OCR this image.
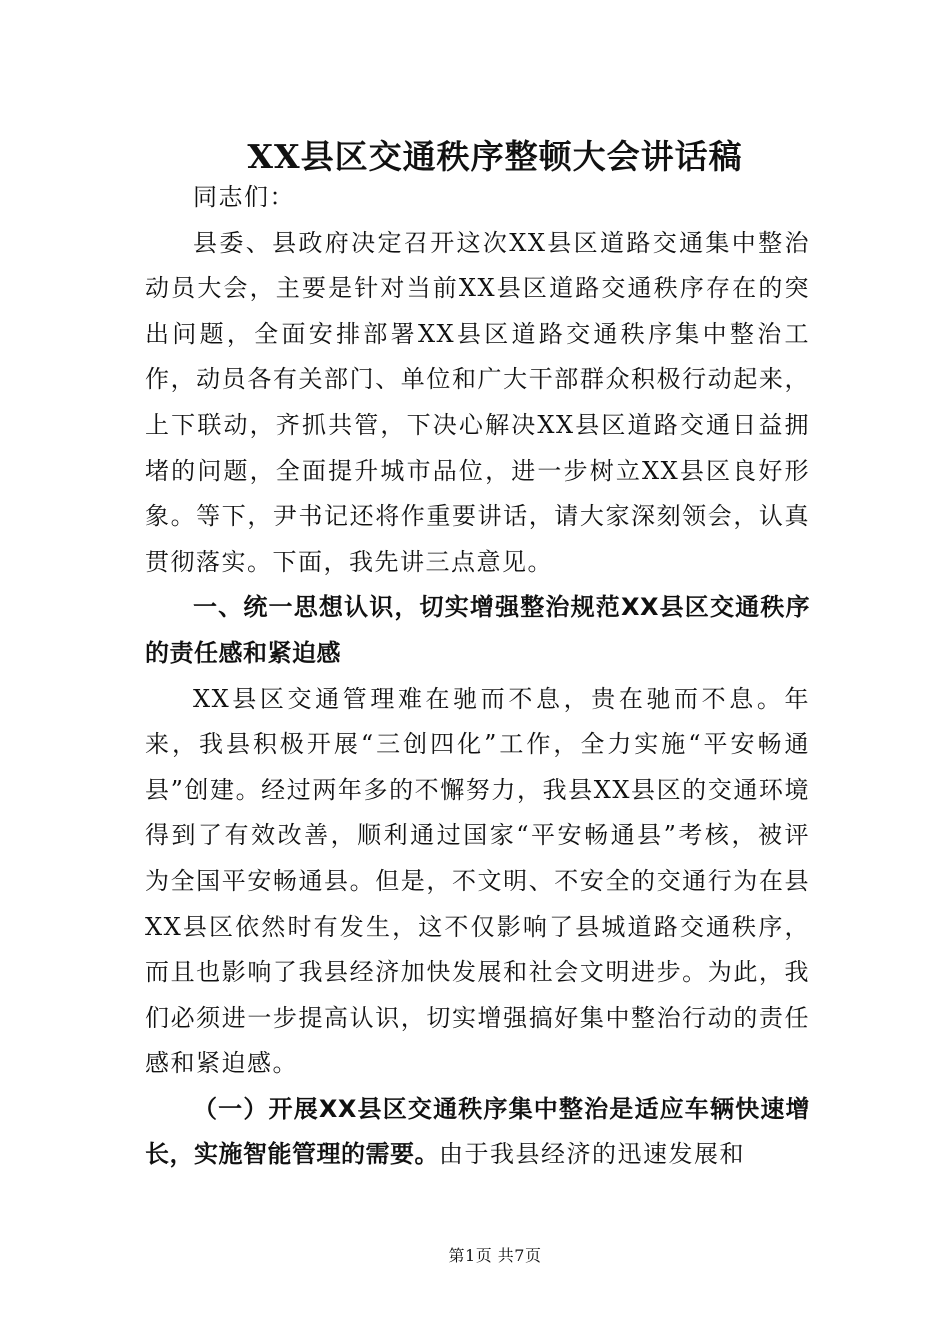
XX县区交通秩序整顿大会讲话稿

同志们：

县委、县政府决定召开这次XX县区道路交通集中整治动员大会，主要是针对当前XX县区道路交通秩序存在的突出问题，全面安排部署XX县区道路交通秩序集中整治工作，动员各有关部门、单位和广大干部群众积极行动起来，上下联动，齐抓共管，下决心解决XX县区道路交通日益拥堵的问题，全面提升城市品位，进一步树立XX县区良好形象。等下，尹书记还将作重要讲话，请大家深刻领会，认真贯彻落实。下面，我先讲三点意见。

一、统一思想认识，切实增强整治规范XX县区交通秩序的责任感和紧迫感

XX县区交通管理难在驰而不息，贵在驰而不息。年来，我县积极开展“三创四化”工作，全力实施“平安畅通县”创建。经过两年多的不懈努力，我县XX县区的交通环境得到了有效改善，顺利通过国家“平安畅通县”考核，被评为全国平安畅通县。但是，不文明、不安全的交通行为在县XX县区依然时有发生，这不仅影响了县城道路交通秩序，而且也影响了我县经济加快发展和社会文明进步。为此，我们必须进一步提高认识，切实增强搞好集中整治行动的责任感和紧迫感。

（一）开展XX县区交通秩序集中整治是适应车辆快速增长，实施智能管理的需要。由于我县经济的迅速发展和

第1页 共7页
